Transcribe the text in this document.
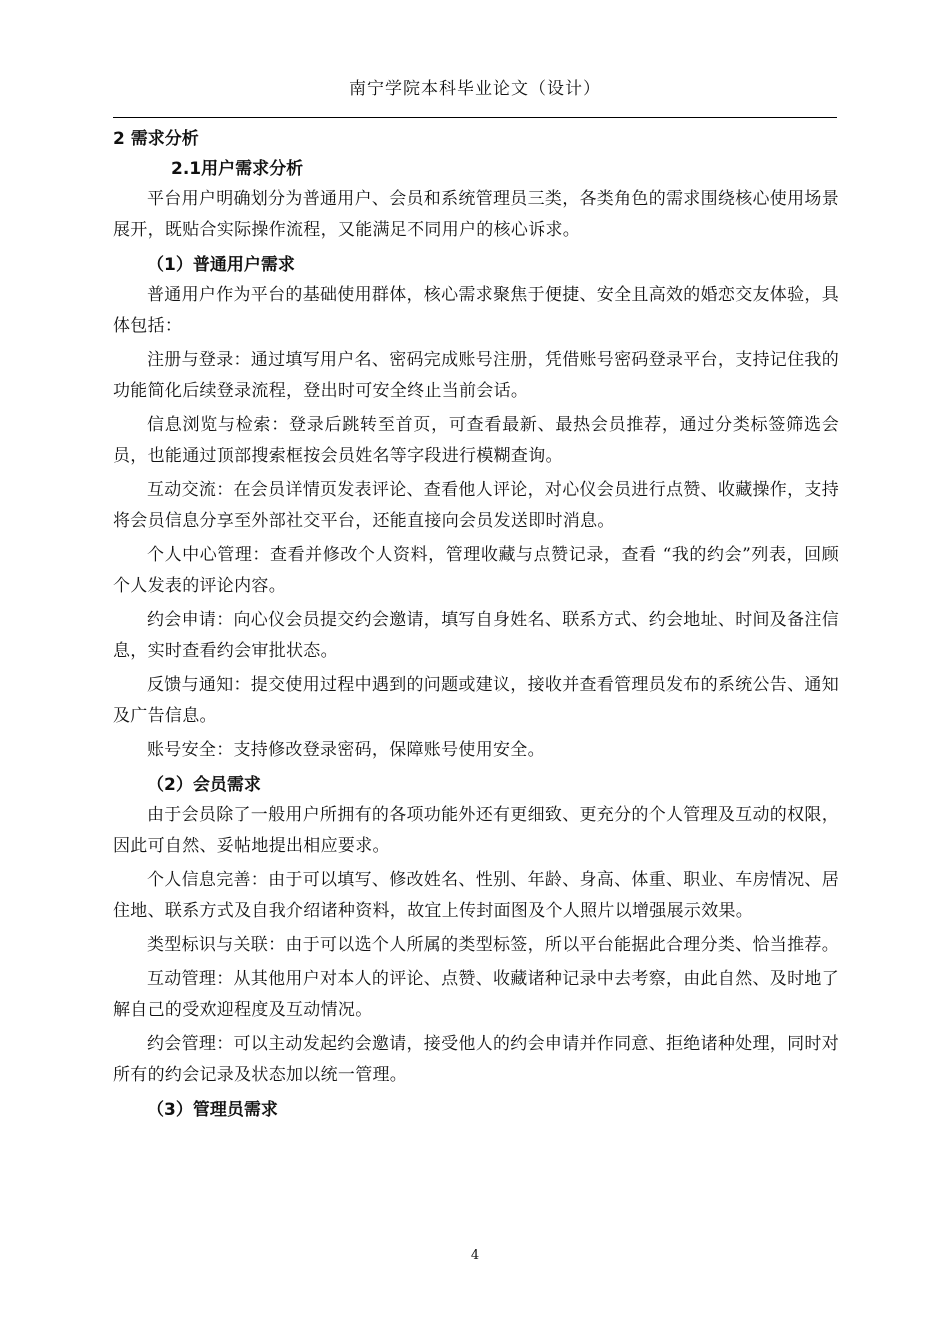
南宁学院本科毕业论文（设计）
2 需求分析
2.1用户需求分析

平台用户明确划分为普通用户、会员和系统管理员三类，各类角色的需求围绕核心使用场景展开，既贴合实际操作流程，又能满足不同用户的核心诉求。

（1）普通用户需求

普通用户作为平台的基础使用群体，核心需求聚焦于便捷、安全且高效的婚恋交友体验，具体包括：

注册与登录：通过填写用户名、密码完成账号注册，凭借账号密码登录平台，支持记住我的功能简化后续登录流程，登出时可安全终止当前会话。

信息浏览与检索：登录后跳转至首页，可查看最新、最热会员推荐，通过分类标签筛选会员，也能通过顶部搜索框按会员姓名等字段进行模糊查询。

互动交流：在会员详情页发表评论、查看他人评论，对心仪会员进行点赞、收藏操作，支持将会员信息分享至外部社交平台，还能直接向会员发送即时消息。

个人中心管理：查看并修改个人资料，管理收藏与点赞记录，查看 “我的约会”列表，回顾个人发表的评论内容。

约会申请：向心仪会员提交约会邀请，填写自身姓名、联系方式、约会地址、时间及备注信息，实时查看约会审批状态。

反馈与通知：提交使用过程中遇到的问题或建议，接收并查看管理员发布的系统公告、通知及广告信息。

账号安全：支持修改登录密码，保障账号使用安全。

（2）会员需求

由于会员除了一般用户所拥有的各项功能外还有更细致、更充分的个人管理及互动的权限，因此可自然、妥帖地提出相应要求。

个人信息完善：由于可以填写、修改姓名、性别、年龄、身高、体重、职业、车房情况、居住地、联系方式及自我介绍诸种资料，故宜上传封面图及个人照片以增强展示效果。

类型标识与关联：由于可以选个人所属的类型标签，所以平台能据此合理分类、恰当推荐。

互动管理：从其他用户对本人的评论、点赞、收藏诸种记录中去考察，由此自然、及时地了解自己的受欢迎程度及互动情况。

约会管理：可以主动发起约会邀请，接受他人的约会申请并作同意、拒绝诸种处理，同时对所有的约会记录及状态加以统一管理。

（3）管理员需求
4
